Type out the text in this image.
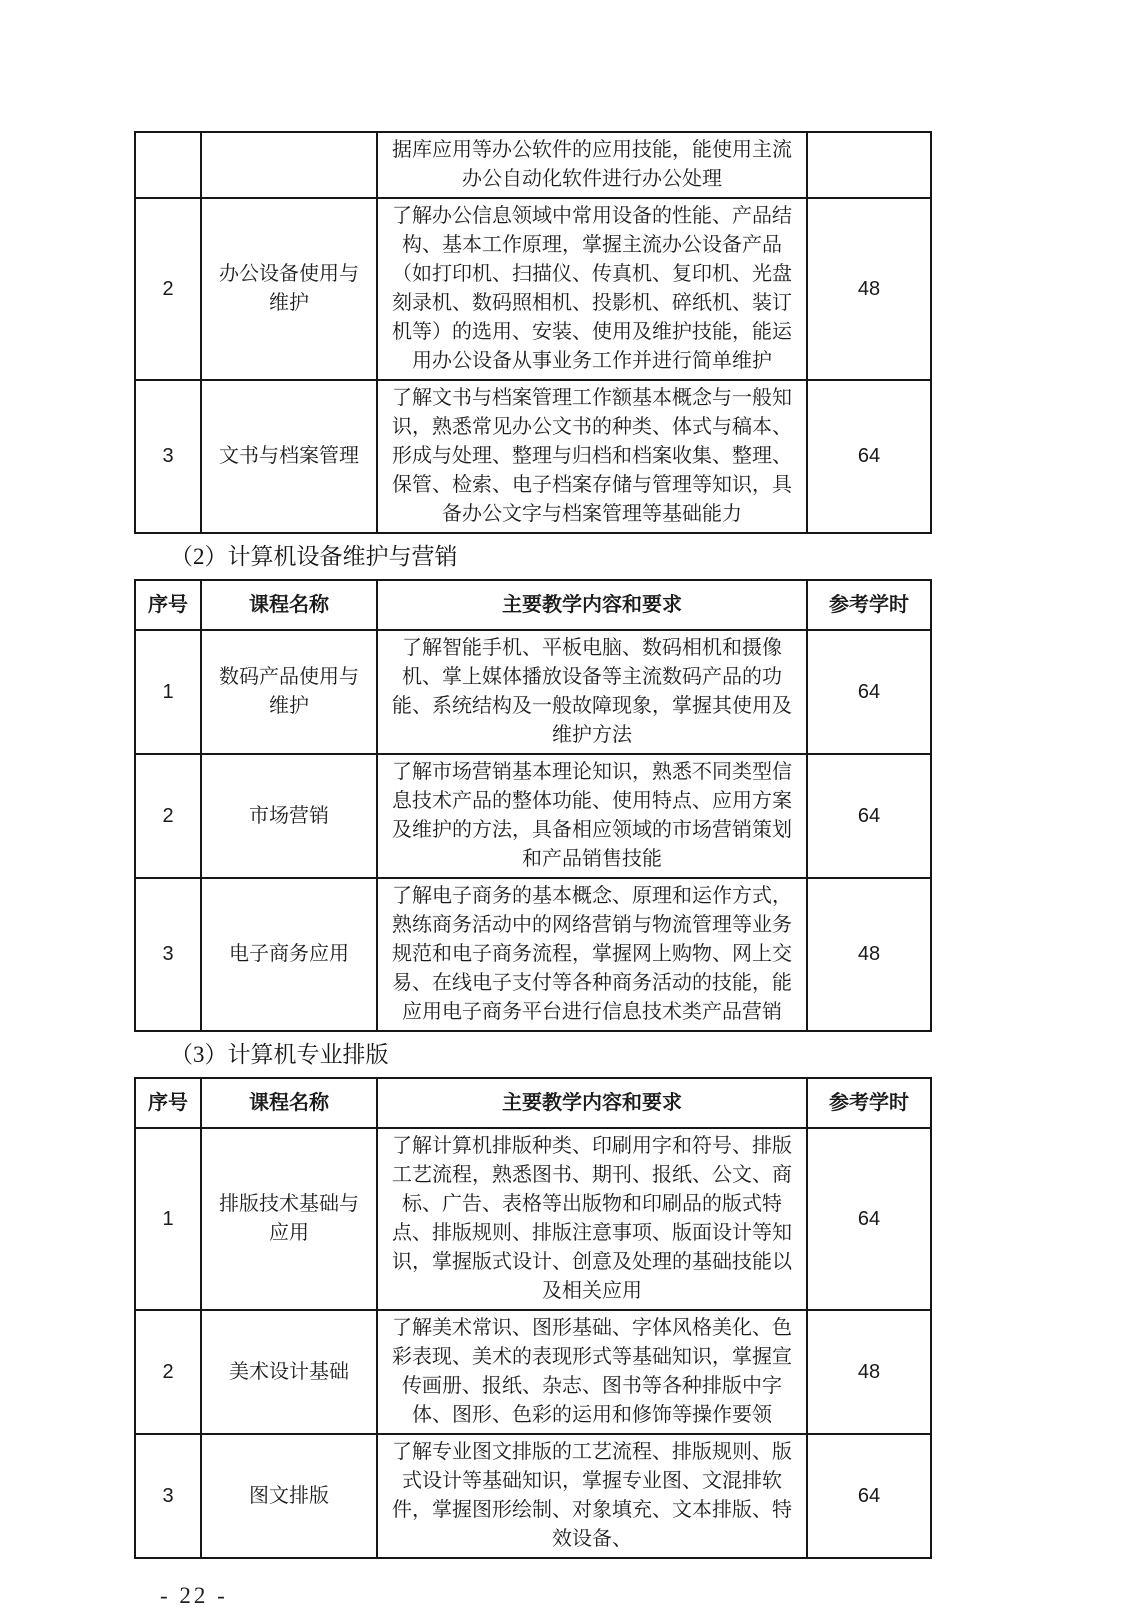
		据库应用等办公软件的应用技能，能使用主流办公自动化软件进行办公处理	
2	办公设备使用与维护	了解办公信息领域中常用设备的性能、产品结构、基本工作原理，掌握主流办公设备产品（如打印机、扫描仪、传真机、复印机、光盘刻录机、数码照相机、投影机、碎纸机、装订机等）的选用、安装、使用及维护技能，能运用办公设备从事业务工作并进行简单维护	48
3	文书与档案管理	了解文书与档案管理工作额基本概念与一般知识，熟悉常见办公文书的种类、体式与稿本、形成与处理、整理与归档和档案收集、整理、保管、检索、电子档案存储与管理等知识，具备办公文字与档案管理等基础能力	64
（2）计算机设备维护与营销
序号	课程名称	主要教学内容和要求	参考学时
1	数码产品使用与维护	了解智能手机、平板电脑、数码相机和摄像机、掌上媒体播放设备等主流数码产品的功能、系统结构及一般故障现象，掌握其使用及维护方法	64
2	市场营销	了解市场营销基本理论知识，熟悉不同类型信息技术产品的整体功能、使用特点、应用方案及维护的方法，具备相应领域的市场营销策划和产品销售技能	64
3	电子商务应用	了解电子商务的基本概念、原理和运作方式，熟练商务活动中的网络营销与物流管理等业务规范和电子商务流程，掌握网上购物、网上交易、在线电子支付等各种商务活动的技能，能应用电子商务平台进行信息技术类产品营销	48
（3）计算机专业排版
序号	课程名称	主要教学内容和要求	参考学时
1	排版技术基础与应用	了解计算机排版种类、印刷用字和符号、排版工艺流程，熟悉图书、期刊、报纸、公文、商标、广告、表格等出版物和印刷品的版式特点、排版规则、排版注意事项、版面设计等知识，掌握版式设计、创意及处理的基础技能以及相关应用	64
2	美术设计基础	了解美术常识、图形基础、字体风格美化、色彩表现、美术的表现形式等基础知识，掌握宣传画册、报纸、杂志、图书等各种排版中字体、图形、色彩的运用和修饰等操作要领	48
3	图文排版	了解专业图文排版的工艺流程、排版规则、版式设计等基础知识，掌握专业图、文混排软件，掌握图形绘制、对象填充、文本排版、特效设备、	64
- 22 -
